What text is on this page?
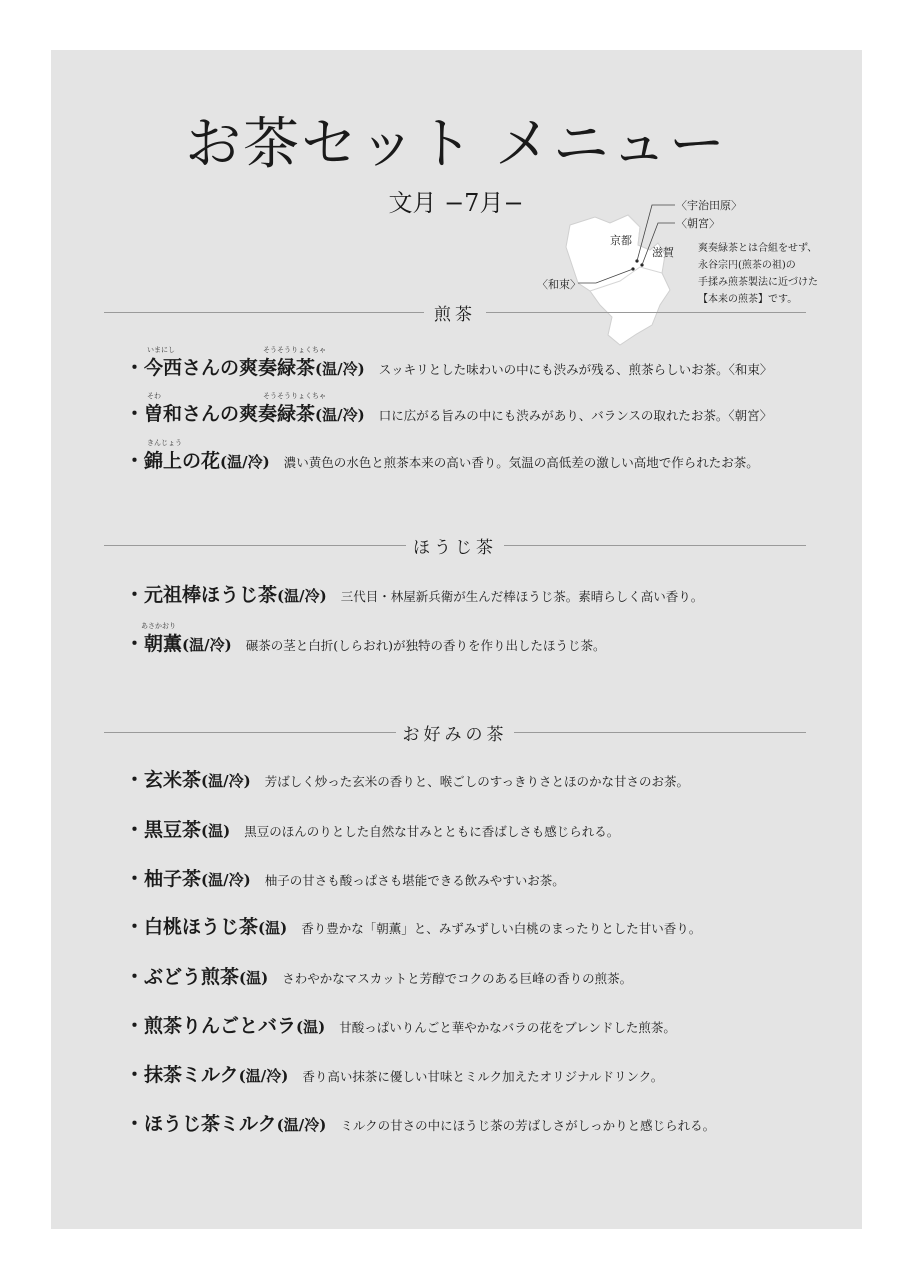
お茶セット メニュー
文月 −7月−	〈宇治田原〉
〈朝宮〉
京都
滋賀
〈和束〉
爽奏緑茶とは合組をせず、
永谷宗円(煎茶の祖)の
手揉み煎茶製法に近づけた
【本来の煎茶】です。
煎茶
いまにし	そうそうりょくちゃ
・今西さんの爽奏緑茶(温/冷) スッキリとした味わいの中にも渋みが残る、煎茶らしいお茶。〈和束〉
そわ	そうそうりょくちゃ
・曽和さんの爽奏緑茶(温/冷) 口に広がる旨みの中にも渋みがあり、バランスの取れたお茶。〈朝宮〉
きんじょう
・錦上の花(温/冷) 濃い黄色の水色と煎茶本来の高い香り。気温の高低差の激しい高地で作られたお茶。
ほうじ茶
・元祖棒ほうじ茶(温/冷) 三代目・林屋新兵衛が生んだ棒ほうじ茶。素晴らしく高い香り。
あさかおり
・朝薫(温/冷) 碾茶の茎と白折(しらおれ)が独特の香りを作り出したほうじ茶。
お好みの茶
・玄米茶(温/冷) 芳ばしく炒った玄米の香りと、喉ごしのすっきりさとほのかな甘さのお茶。
・黒豆茶(温) 黒豆のほんのりとした自然な甘みとともに香ばしさも感じられる。
・柚子茶(温/冷) 柚子の甘さも酸っぱさも堪能できる飲みやすいお茶。
・白桃ほうじ茶(温) 香り豊かな「朝薫」と、みずみずしい白桃のまったりとした甘い香り。
・ぶどう煎茶(温) さわやかなマスカットと芳醇でコクのある巨峰の香りの煎茶。
・煎茶りんごとバラ(温) 甘酸っぱいりんごと華やかなバラの花をブレンドした煎茶。
・抹茶ミルク(温/冷) 香り高い抹茶に優しい甘味とミルク加えたオリジナルドリンク。
・ほうじ茶ミルク(温/冷) ミルクの甘さの中にほうじ茶の芳ばしさがしっかりと感じられる。
